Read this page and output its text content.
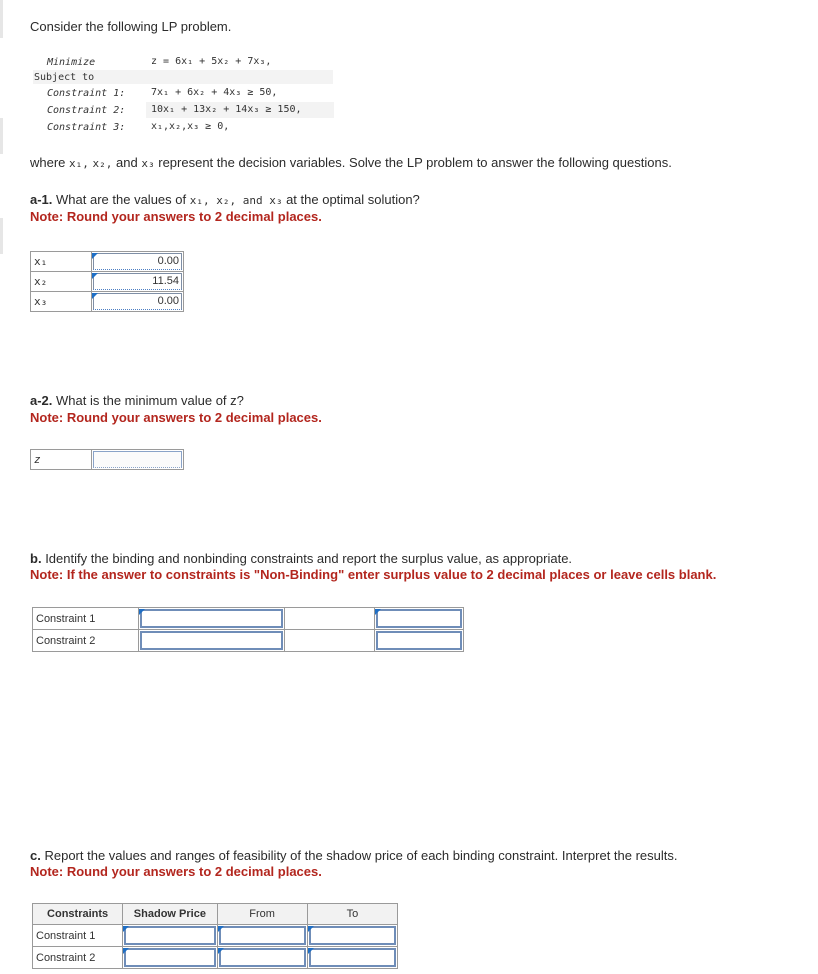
Consider the following LP problem.
Minimize	z = 6x₁ + 5x₂ + 7x₃,
Subject to
Constraint 1:	7x₁ + 6x₂ + 4x₃ ≥ 50,
Constraint 2:	10x₁ + 13x₂ + 14x₃ ≥ 150,
Constraint 3:	x₁,x₂,x₃ ≥ 0,
where x₁, x₂, and x₃ represent the decision variables. Solve the LP problem to answer the following questions.
a-1. What are the values of x₁, x₂, and x₃ at the optimal solution?
Note: Round your answers to 2 decimal places.
x₁	0.00

x₂	11.54

x₃	0.00
a-2. What is the minimum value of z?
Note: Round your answers to 2 decimal places.
z	
b. Identify the binding and nonbinding constraints and report the surplus value, as appropriate.
Note: If the answer to constraints is "Non-Binding" enter surplus value to 2 decimal places or leave cells blank.
Constraint 1	

Constraint 2	

c. Report the values and ranges of feasibility of the shadow price of each binding constraint. Interpret the results.
Note: Round your answers to 2 decimal places.
Constraints	Shadow Price	From	To
Constraint 1	

Constraint 2	
